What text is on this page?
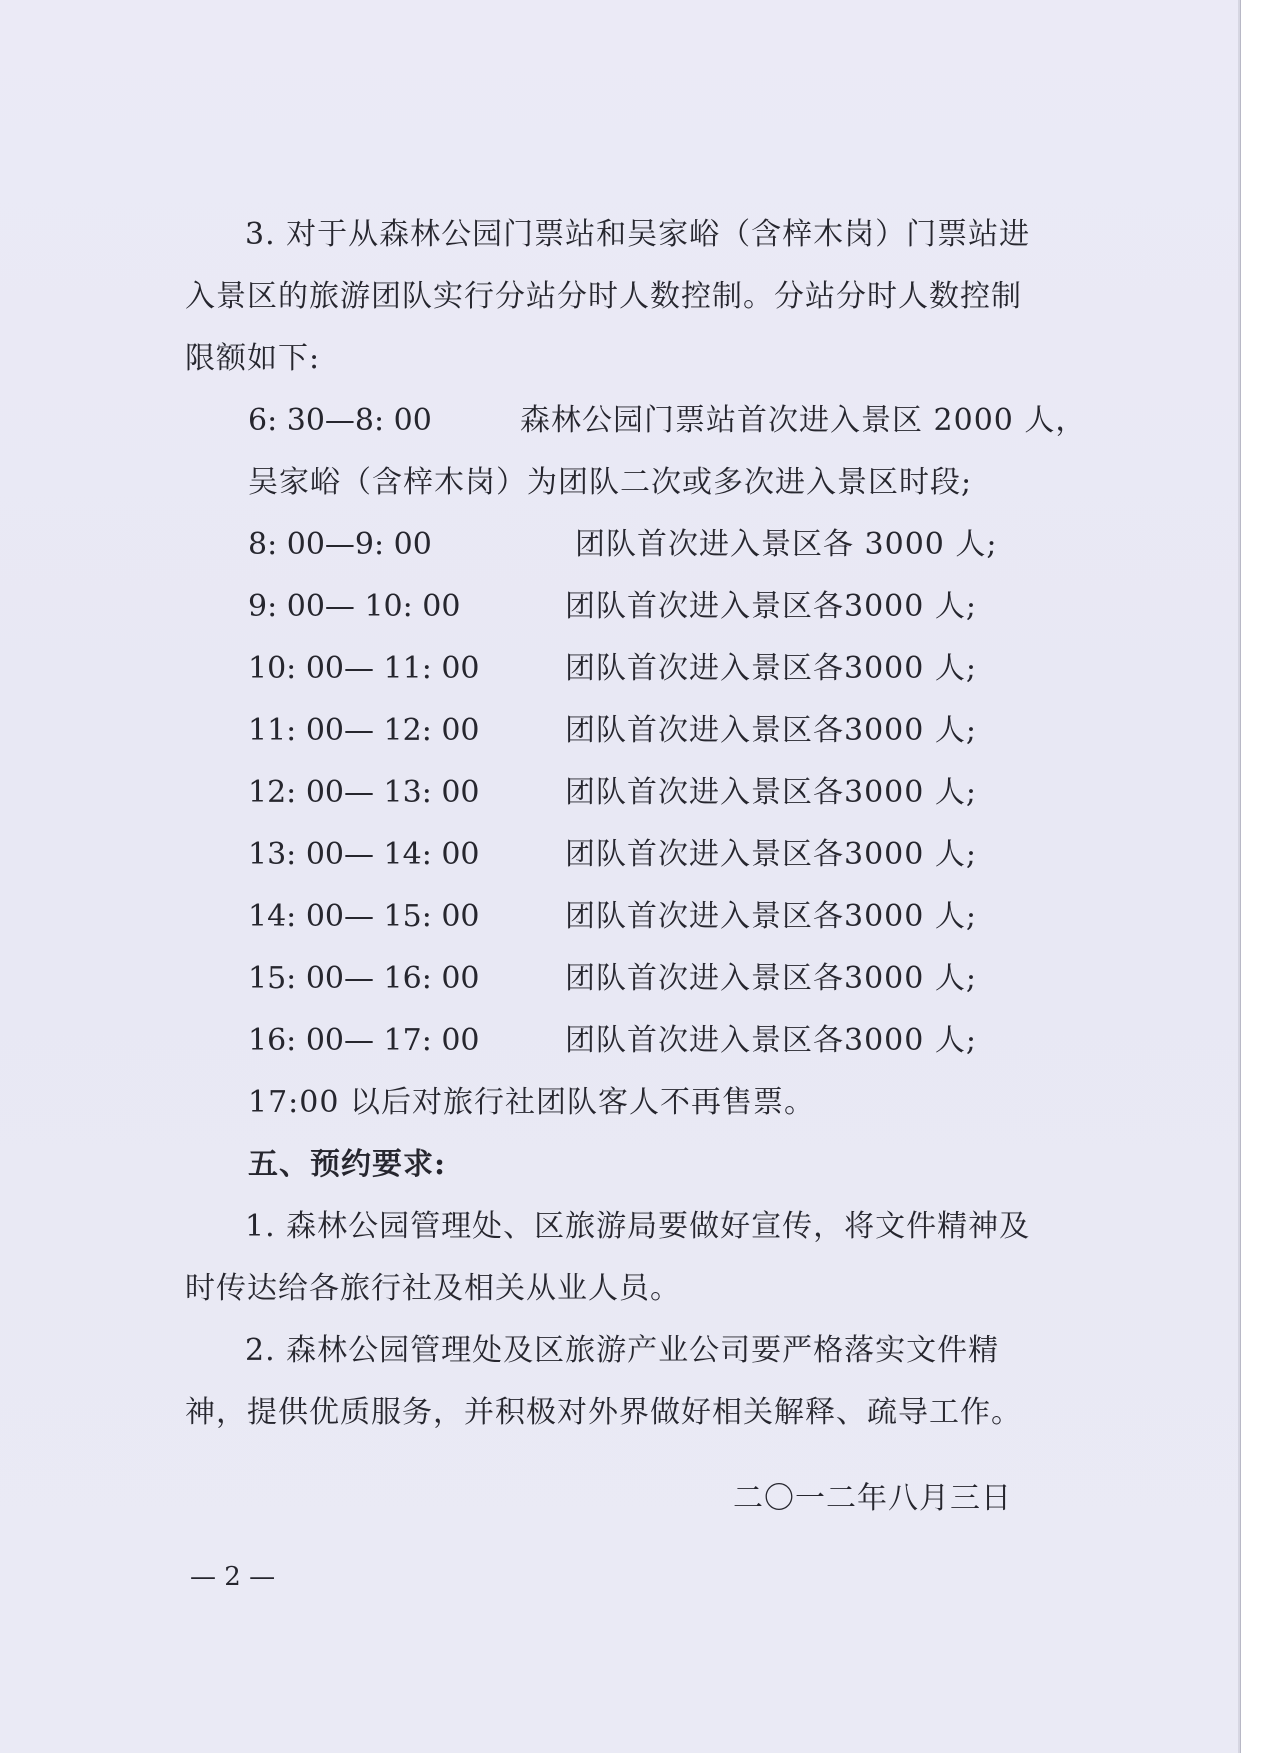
3. 对于从森林公园门票站和吴家峪（含梓木岗）门票站进
入景区的旅游团队实行分站分时人数控制。分站分时人数控制
限额如下:
6: 30—8: 00	森林公园门票站首次进入景区 2000 人，
吴家峪（含梓木岗）为团队二次或多次进入景区时段;
8: 00—9: 00	团队首次进入景区各 3000 人;
9: 00— 10: 00	团队首次进入景区各3000 人;
10: 00— 11: 00	团队首次进入景区各3000 人;
11: 00— 12: 00	团队首次进入景区各3000 人;
12: 00— 13: 00	团队首次进入景区各3000 人;
13: 00— 14: 00	团队首次进入景区各3000 人;
14: 00— 15: 00	团队首次进入景区各3000 人;
15: 00— 16: 00	团队首次进入景区各3000 人;
16: 00— 17: 00	团队首次进入景区各3000 人;
17:00 以后对旅行社团队客人不再售票。
五、预约要求:
1. 森林公园管理处、区旅游局要做好宣传，将文件精神及
时传达给各旅行社及相关从业人员。
2. 森林公园管理处及区旅游产业公司要严格落实文件精
神，提供优质服务，并积极对外界做好相关解释、疏导工作。
二〇一二年八月三日
— 2 —
